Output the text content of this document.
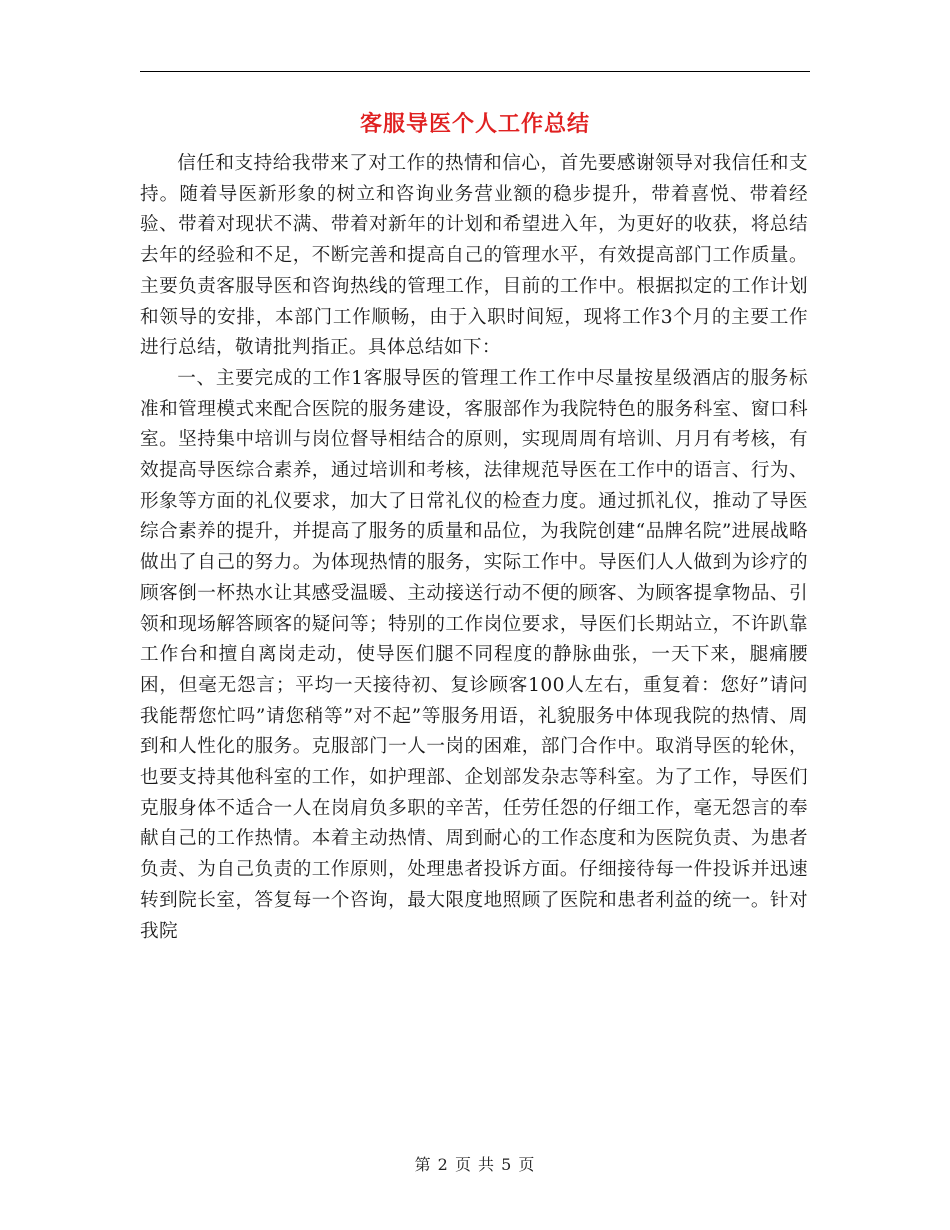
客服导医个人工作总结

信任和支持给我带来了对工作的热情和信心，首先要感谢领导对我信任和支持。随着导医新形象的树立和咨询业务营业额的稳步提升，带着喜悦、带着经验、带着对现状不满、带着对新年的计划和希望进入年，为更好的收获，将总结去年的经验和不足，不断完善和提高自己的管理水平，有效提高部门工作质量。主要负责客服导医和咨询热线的管理工作，目前的工作中。根据拟定的工作计划和领导的安排，本部门工作顺畅，由于入职时间短，现将工作3个月的主要工作进行总结，敬请批判指正。具体总结如下：

一、主要完成的工作1客服导医的管理工作工作中尽量按星级酒店的服务标准和管理模式来配合医院的服务建设，客服部作为我院特色的服务科室、窗口科室。坚持集中培训与岗位督导相结合的原则，实现周周有培训、月月有考核，有效提高导医综合素养，通过培训和考核，法律规范导医在工作中的语言、行为、形象等方面的礼仪要求，加大了日常礼仪的检查力度。通过抓礼仪，推动了导医综合素养的提升，并提高了服务的质量和品位，为我院创建“品牌名院”进展战略做出了自己的努力。为体现热情的服务，实际工作中。导医们人人做到为诊疗的顾客倒一杯热水让其感受温暖、主动接送行动不便的顾客、为顾客提拿物品、引领和现场解答顾客的疑问等；特别的工作岗位要求，导医们长期站立，不许趴靠工作台和擅自离岗走动，使导医们腿不同程度的静脉曲张，一天下来，腿痛腰困，但毫无怨言；平均一天接待初、复诊顾客100人左右，重复着：您好”请问我能帮您忙吗”请您稍等”对不起”等服务用语，礼貌服务中体现我院的热情、周到和人性化的服务。克服部门一人一岗的困难，部门合作中。取消导医的轮休，也要支持其他科室的工作，如护理部、企划部发杂志等科室。为了工作，导医们克服身体不适合一人在岗肩负多职的辛苦，任劳任怨的仔细工作，毫无怨言的奉献自己的工作热情。本着主动热情、周到耐心的工作态度和为医院负责、为患者负责、为自己负责的工作原则，处理患者投诉方面。仔细接待每一件投诉并迅速转到院长室，答复每一个咨询，最大限度地照顾了医院和患者利益的统一。针对我院

第 2 页 共 5 页
